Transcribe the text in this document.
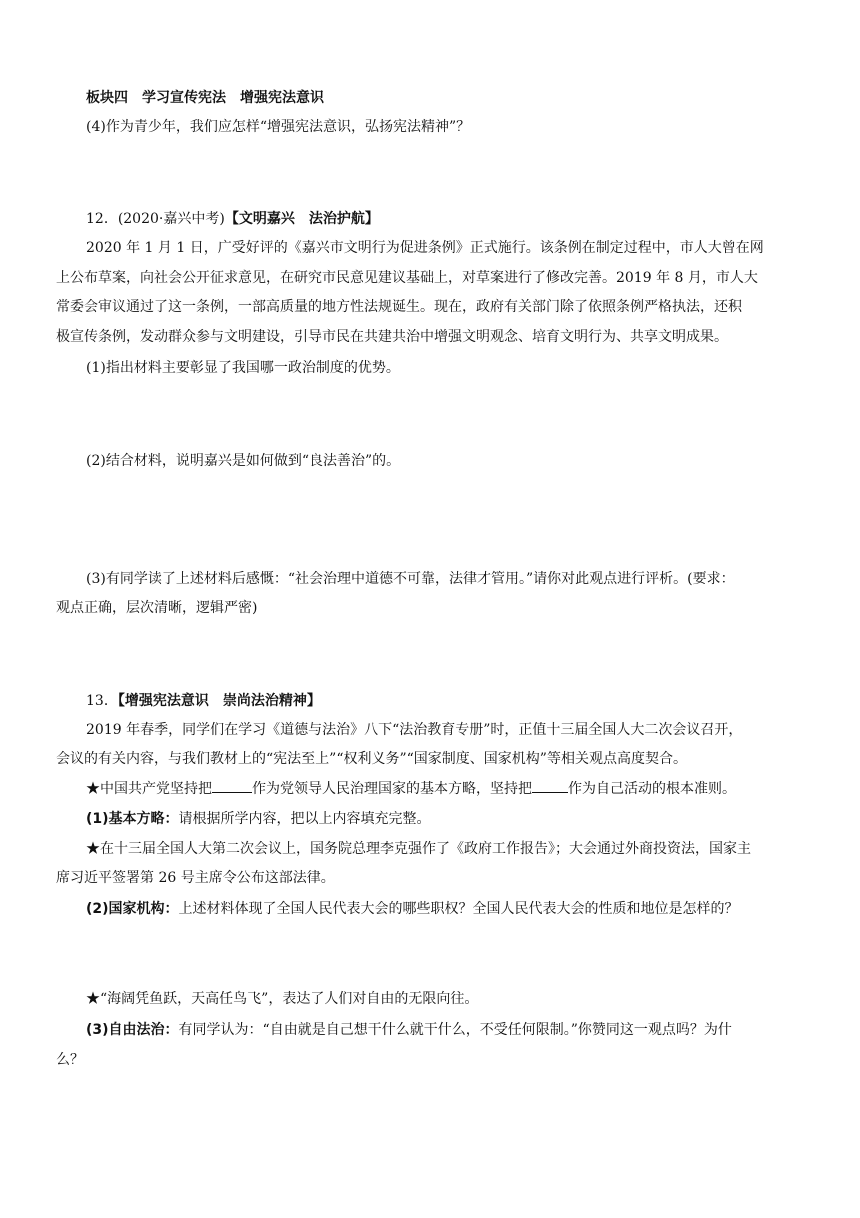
板块四　学习宣传宪法　增强宪法意识
(4)作为青少年，我们应怎样“增强宪法意识，弘扬宪法精神”？
12．(2020·嘉兴中考)【文明嘉兴　法治护航】
2020 年 1 月 1 日，广受好评的《嘉兴市文明行为促进条例》正式施行。该条例在制定过程中，市人大曾在网
上公布草案，向社会公开征求意见，在研究市民意见建议基础上，对草案进行了修改完善。2019 年 8 月，市人大
常委会审议通过了这一条例，一部高质量的地方性法规诞生。现在，政府有关部门除了依照条例严格执法，还积
极宣传条例，发动群众参与文明建设，引导市民在共建共治中增强文明观念、培育文明行为、共享文明成果。
(1)指出材料主要彰显了我国哪一政治制度的优势。
(2)结合材料，说明嘉兴是如何做到“良法善治”的。
(3)有同学读了上述材料后感慨：“社会治理中道德不可靠，法律才管用。”请你对此观点进行评析。(要求：
观点正确，层次清晰，逻辑严密)
13．【增强宪法意识　崇尚法治精神】
2019 年春季，同学们在学习《道德与法治》八下“法治教育专册”时，正值十三届全国人大二次会议召开，
会议的有关内容，与我们教材上的“宪法至上”“权利义务”“国家制度、国家机构”等相关观点高度契合。
★中国共产党坚持把	作为党领导人民治理国家的基本方略，坚持把	作为自己活动的根本准则。
(1)基本方略：请根据所学内容，把以上内容填充完整。
★在十三届全国人大第二次会议上，国务院总理李克强作了《政府工作报告》；大会通过外商投资法，国家主
席习近平签署第 26 号主席令公布这部法律。
(2)国家机构：上述材料体现了全国人民代表大会的哪些职权？全国人民代表大会的性质和地位是怎样的？
★“海阔凭鱼跃，天高任鸟飞”，表达了人们对自由的无限向往。
(3)自由法治：有同学认为：“自由就是自己想干什么就干什么，不受任何限制。”你赞同这一观点吗？为什
么？
